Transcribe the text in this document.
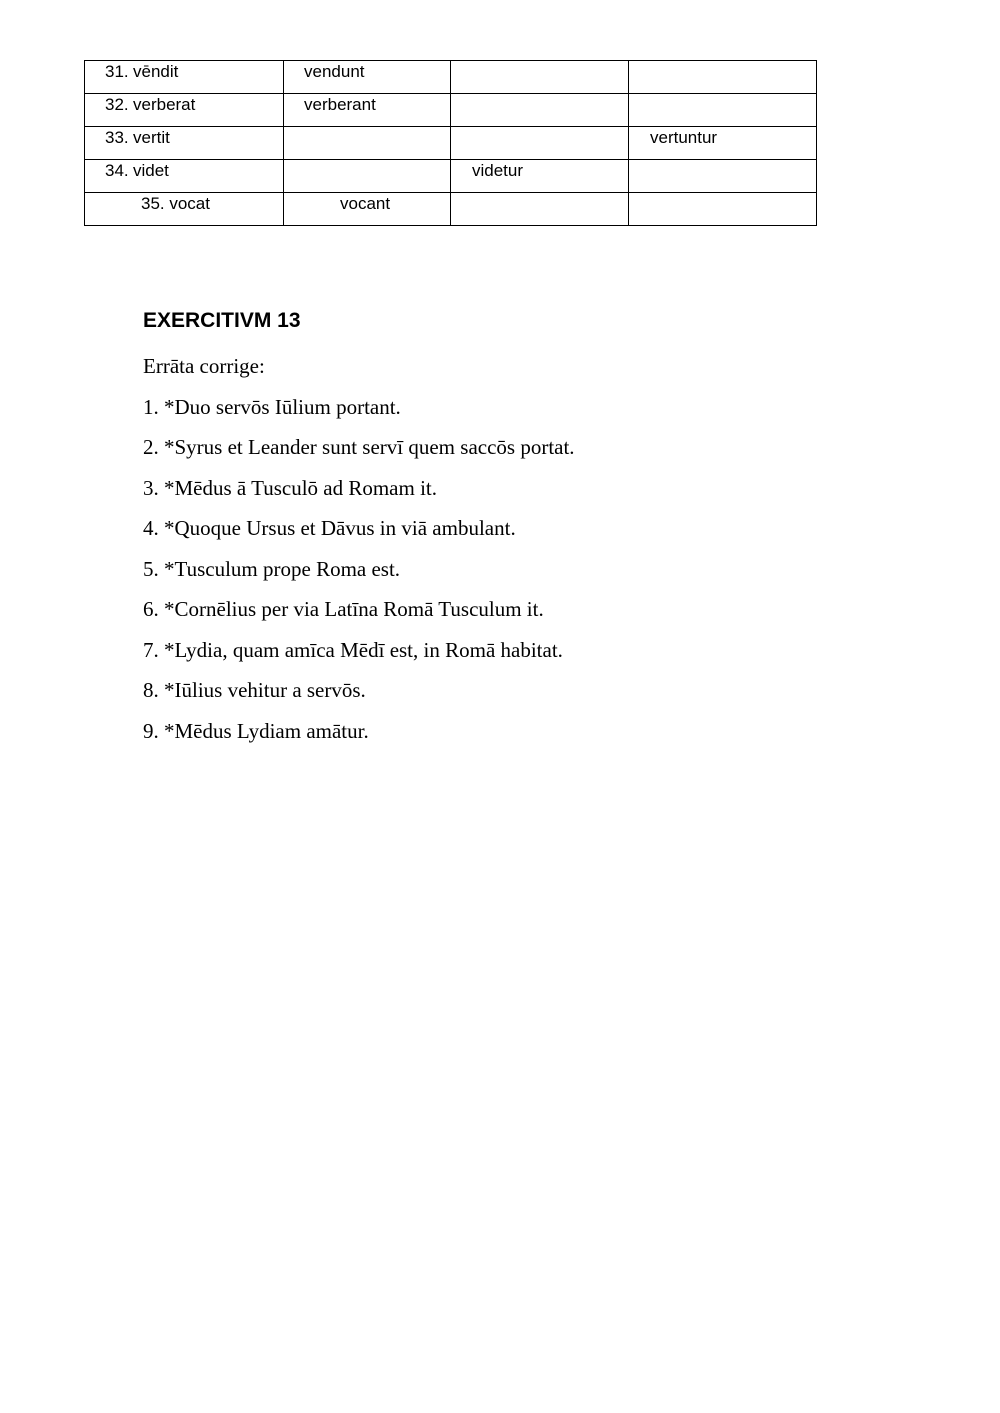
31. vēndit	vendunt		
32. verberat	verberant		
33. vertit			vertuntur
34. videt		videtur	
35. vocat	vocant		
EXERCITIVM 13

Errāta corrige:

1. *Duo servōs Iūlium portant.

2. *Syrus et Leander sunt servī quem saccōs portat.

3. *Mēdus ā Tusculō ad Romam it.

4. *Quoque Ursus et Dāvus in viā ambulant.

5. *Tusculum prope Roma est.

6. *Cornēlius per via Latīna Romā Tusculum it.

7. *Lydia, quam amīca Mēdī est, in Romā habitat.

8. *Iūlius vehitur a servōs.

9. *Mēdus Lydiam amātur.
